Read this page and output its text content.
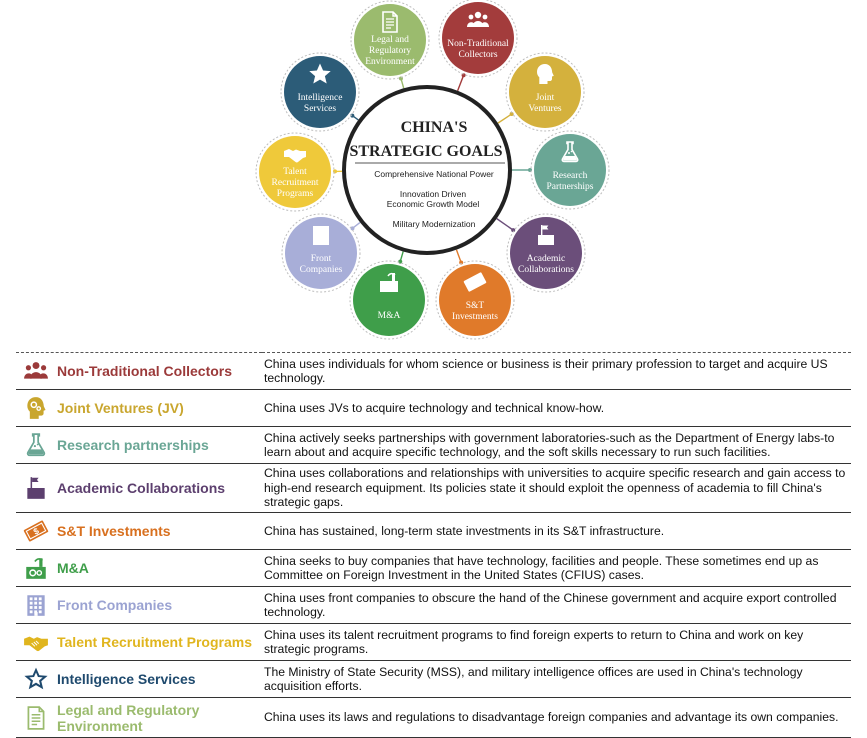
CHINA'S
STRATEGIC GOALS
Comprehensive National Power
Innovation Driven
Economic Growth Model
Military Modernization
Legal and
Regulatory
Environment
Non-Traditional
Collectors
Joint
Ventures
Research
Partnerships
Academic
Collaborations
$
S&T
Investments
M&A
Front
Companies
Talent
Recruitment
Programs
Intelligence
Services
Non-Traditional Collectors	China uses individuals for whom science or business is their primary profession to target and acquire US technology.

Joint Ventures (JV)	China uses JVs to acquire technology and technical know-how.

Research partnerships	China actively seeks partnerships with government laboratories-such as the Department of Energy labs-to learn about and acquire specific technology, and the soft skills necessary to run such facilities.

Academic Collaborations	China uses collaborations and relationships with universities to acquire specific research and gain access to high-end research equipment. Its policies state it should exploit the openness of academia to fill China's strategic gaps.

$ S&T Investments	China has sustained, long-term state investments in its S&T infrastructure.

M&A	China seeks to buy companies that have technology, facilities and people. These sometimes end up as Committee on Foreign Investment in the United States (CFIUS) cases.

Front Companies	China uses front companies to obscure the hand of the Chinese government and acquire export controlled technology.

Talent Recruitment Programs	China uses its talent recruitment programs to find foreign experts to return to China and work on key strategic programs.

Intelligence Services	The Ministry of State Security (MSS), and military intelligence offices are used in China's technology acquisition efforts.

Legal and Regulatory Environment	China uses its laws and regulations to disadvantage foreign companies and advantage its own companies.
